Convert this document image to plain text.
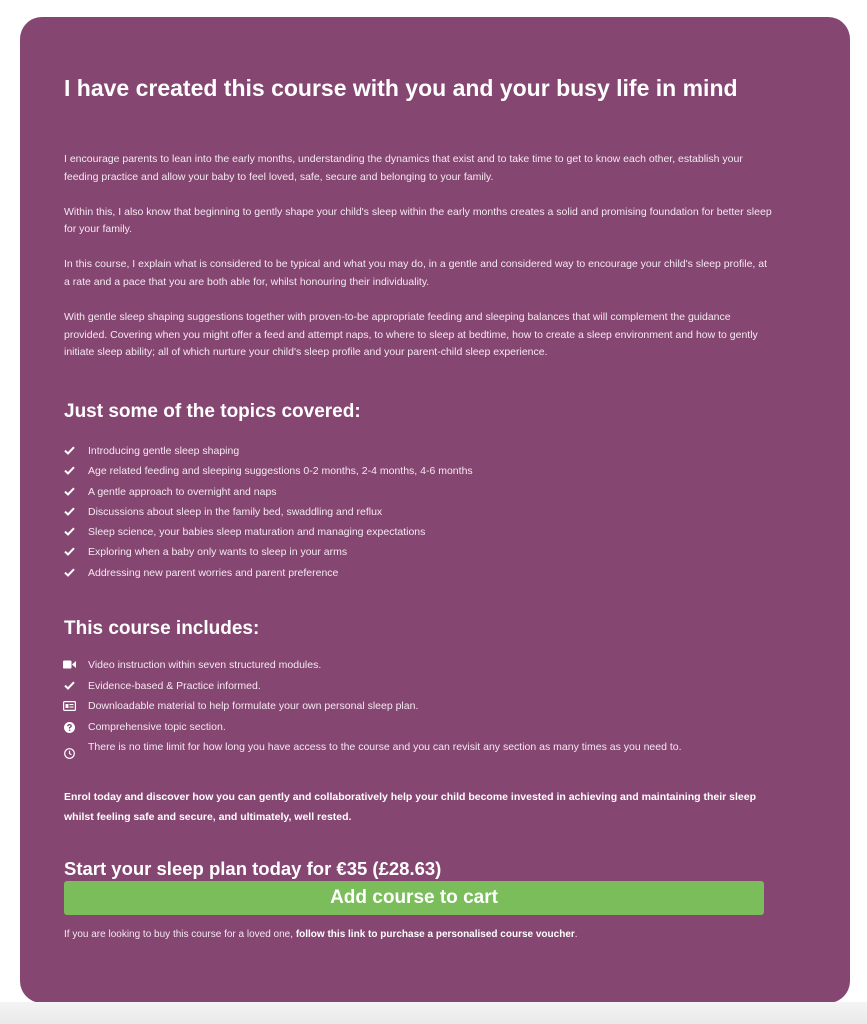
I have created this course with you and your busy life in mind

I encourage parents to lean into the early months, understanding the dynamics that exist and to take time to get to know each other, establish your feeding practice and allow your baby to feel loved, safe, secure and belonging to your family.

Within this, I also know that beginning to gently shape your child's sleep within the early months creates a solid and promising foundation for better sleep for your family.

In this course, I explain what is considered to be typical and what you may do, in a gentle and considered way to encourage your child's sleep profile, at a rate and a pace that you are both able for, whilst honouring their individuality.

With gentle sleep shaping suggestions together with proven-to-be appropriate feeding and sleeping balances that will complement the guidance provided. Covering when you might offer a feed and attempt naps, to where to sleep at bedtime, how to create a sleep environment and how to gently initiate sleep ability; all of which nurture your child's sleep profile and your parent-child sleep experience.

Just some of the topics covered:
Introducing gentle sleep shaping
Age related feeding and sleeping suggestions 0-2 months, 2-4 months, 4-6 months
A gentle approach to overnight and naps
Discussions about sleep in the family bed, swaddling and reflux
Sleep science, your babies sleep maturation and managing expectations
Exploring when a baby only wants to sleep in your arms
Addressing new parent worries and parent preference
This course includes:
Video instruction within seven structured modules.
Evidence-based & Practice informed.
Downloadable material to help formulate your own personal sleep plan.
Comprehensive topic section.
There is no time limit for how long you have access to the course and you can revisit any section as many times as you need to.

Enrol today and discover how you can gently and collaboratively help your child become invested in achieving and maintaining their sleep whilst feeling safe and secure, and ultimately, well rested.

Start your sleep plan today for €35 (£28.63)
Add course to cart

If you are looking to buy this course for a loved one, follow this link to purchase a personalised course voucher.
